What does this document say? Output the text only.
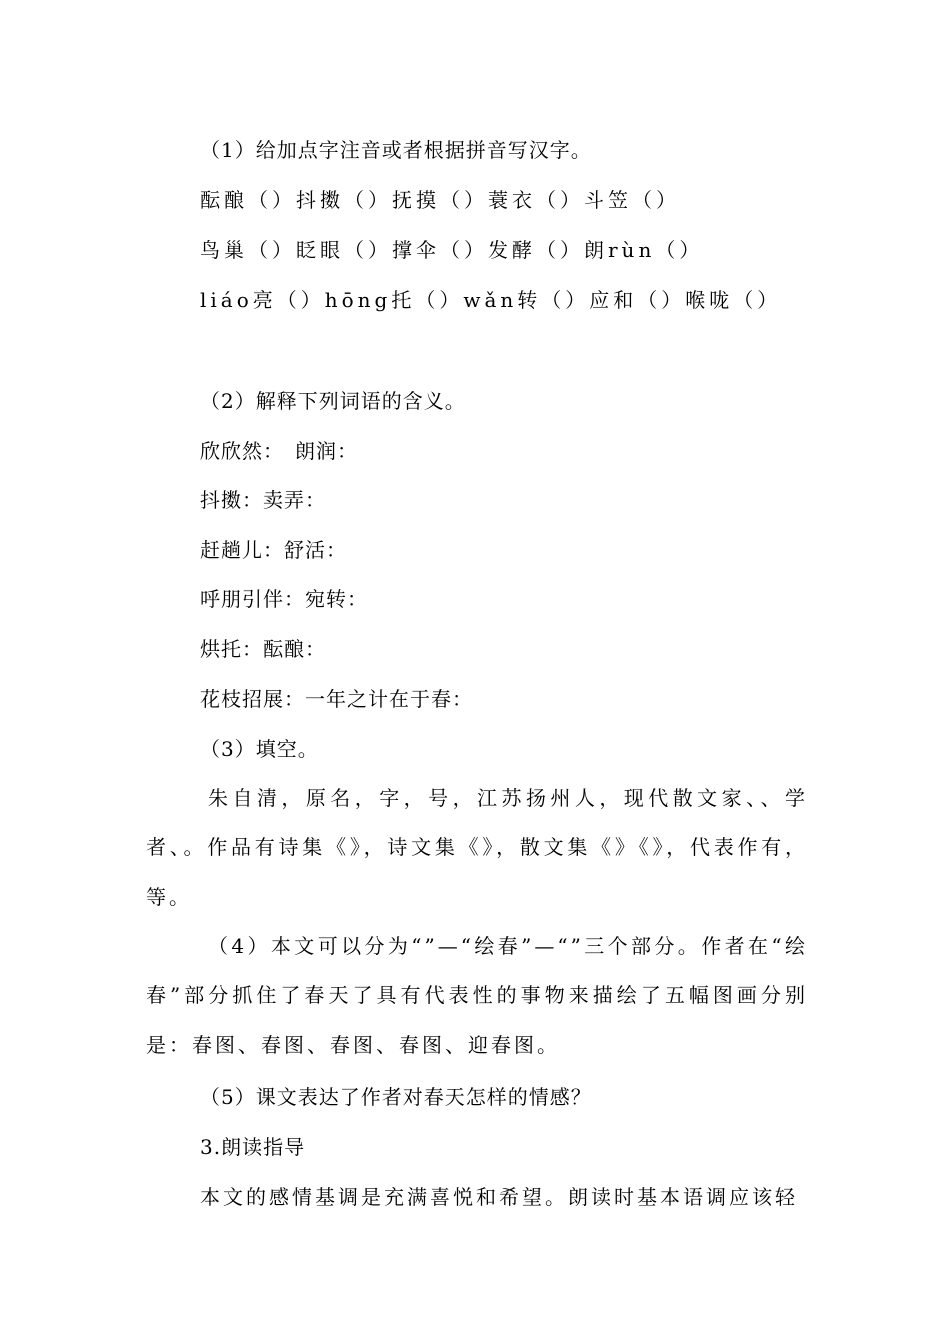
（1）给加点字注音或者根据拼音写汉字。
酝酿（）抖擞（）抚摸（）蓑衣（）斗笠（）
鸟巢（）眨眼（）撑伞（）发酵（）朗rùn（）
liáo亮（）hōng托（）wǎn转（）应和（）喉咙（）
（2）解释下列词语的含义。
欣欣然：　朗润：
抖擞：卖弄：
赶趟儿：舒活：
呼朋引伴：宛转：
烘托：酝酿：
花枝招展：一年之计在于春：
（3）填空。

朱自清，原名，字，号，江苏扬州人，现代散文家、、学者、。作品有诗集《》，诗文集《》，散文集《》《》，代表作有，等。

（4）本文可以分为“”—“绘春”—“”三个部分。作者在“绘春”部分抓住了春天了具有代表性的事物来描绘了五幅图画分别是：春图、春图、春图、春图、迎春图。

（5）课文表达了作者对春天怎样的情感？
3.朗读指导
本文的感情基调是充满喜悦和希望。朗读时基本语调应该轻
